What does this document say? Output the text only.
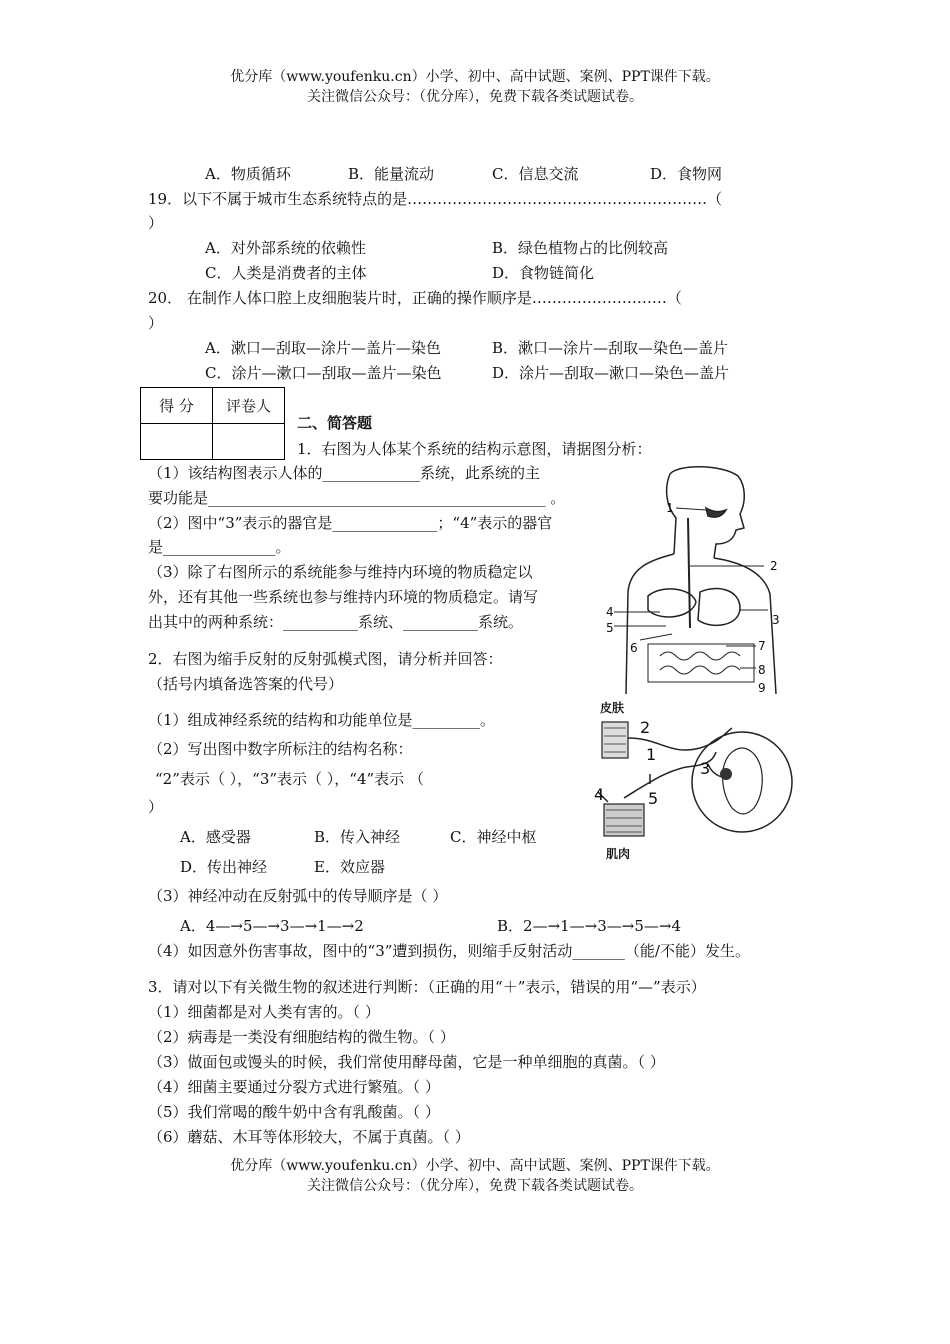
优分库（www.youfenku.cn）小学、初中、高中试题、案例、PPT课件下载。
关注微信公众号：（优分库），免费下载各类试题试卷。
A．物质循环	B．能量流动	C．信息交流	D．食物网
19．以下不属于城市生态系统特点的是……………………………………………………（
）
A．对外部系统的依赖性	B．绿色植物占的比例较高
C．人类是消费者的主体	D．食物链简化
20． 在制作人体口腔上皮细胞装片时，正确的操作顺序是………………………（
）
A．漱口—刮取—涂片—盖片—染色	B．漱口—涂片—刮取—染色—盖片
C．涂片—漱口—刮取—盖片—染色	D．涂片—刮取—漱口—染色—盖片
得 分	评卷人

二、简答题
1．右图为人体某个系统的结构示意图，请据图分析：
（1）该结构图表示人体的_____________系统，此系统的主
要功能是_____________________________________________ 。
（2）图中“3”表示的器官是______________；“4”表示的器官
是_______________。
（3）除了右图所示的系统能参与维持内环境的物质稳定以
外，还有其他一些系统也参与维持内环境的物质稳定。请写
出其中的两种系统：__________系统、__________系统。
1
2
3
4
5
6	7
8
9
2．右图为缩手反射的反射弧模式图，请分析并回答：
（括号内填备选答案的代号）
（1）组成神经系统的结构和功能单位是_________。
（2）写出图中数字所标注的结构名称：
“2”表示（ ），“3”表示（ ），“4”表示 （
）
A．感受器	B．传入神经	C．神经中枢
D．传出神经	E．效应器
（3）神经冲动在反射弧中的传导顺序是（ ）
A．4—→5—→3—→1—→2	B．2—→1—→3—→5—→4
（4）如因意外伤害事故，图中的“3”遭到损伤，则缩手反射活动_______（能/不能）发生。
皮肤
肌肉
2
1
3
4	5
3．请对以下有关微生物的叙述进行判断：（正确的用“＋”表示，错误的用“—”表示）
（1）细菌都是对人类有害的。（ ）
（2）病毒是一类没有细胞结构的微生物。（ ）
（3）做面包或馒头的时候，我们常使用酵母菌，它是一种单细胞的真菌。（ ）
（4）细菌主要通过分裂方式进行繁殖。（ ）
（5）我们常喝的酸牛奶中含有乳酸菌。（ ）
（6）蘑菇、木耳等体形较大，不属于真菌。（ ）
优分库（www.youfenku.cn）小学、初中、高中试题、案例、PPT课件下载。
关注微信公众号：（优分库），免费下载各类试题试卷。
